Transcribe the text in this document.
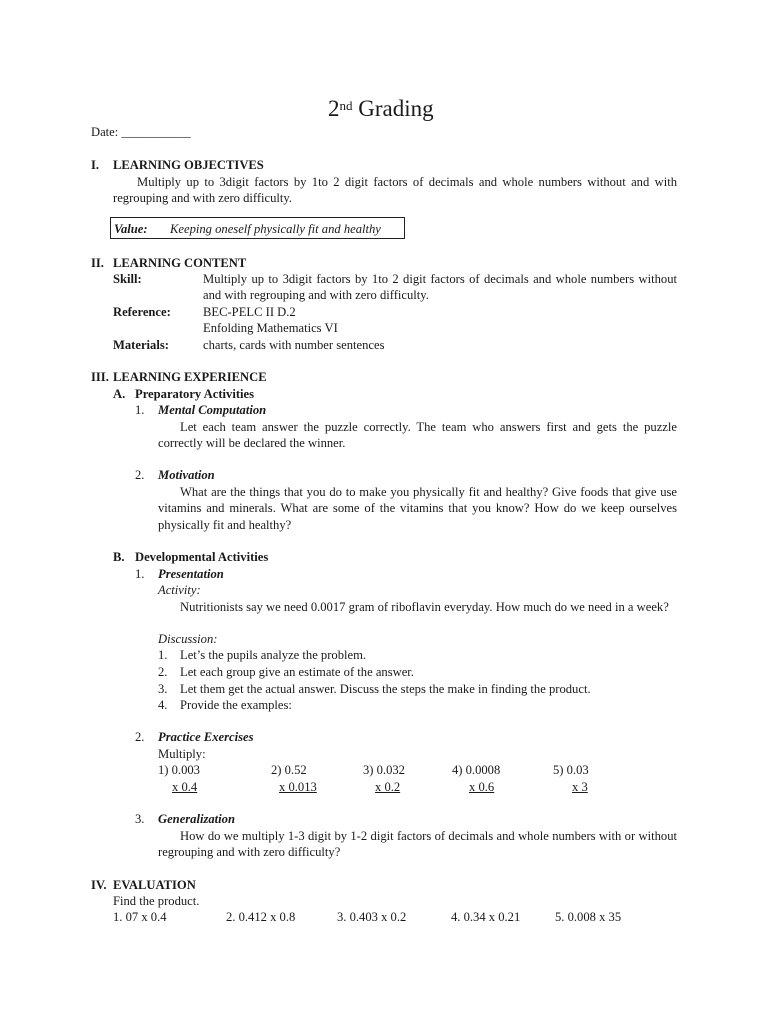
2nd Grading
Date: ___________
I. LEARNING OBJECTIVES
Multiply up to 3digit factors by 1to 2 digit factors of decimals and whole numbers without and with regrouping and with zero difficulty.
Value: Keeping oneself physically fit and healthy
II. LEARNING CONTENT
Skill:	Multiply up to 3digit factors by 1to 2 digit factors of decimals and whole numbers without and with regrouping and with zero difficulty.
Reference:	BEC-PELC II D.2
Enfolding Mathematics VI
Materials:	charts, cards with number sentences
III. LEARNING EXPERIENCE
A. Preparatory Activities
1. Mental Computation
Let each team answer the puzzle correctly. The team who answers first and gets the puzzle correctly will be declared the winner.
2. Motivation
What are the things that you do to make you physically fit and healthy? Give foods that give use vitamins and minerals. What are some of the vitamins that you know? How do we keep ourselves physically fit and healthy?
B. Developmental Activities
1. Presentation
Activity:
Nutritionists say we need 0.0017 gram of riboflavin everyday. How much do we need in a week?
Discussion:
1. Let’s the pupils analyze the problem.
2. Let each group give an estimate of the answer.
3. Let them get the actual answer. Discuss the steps the make in finding the product.
4. Provide the examples:
2. Practice Exercises
Multiply:
1) 0.003
x 0.4
2) 0.52
x 0.013
3) 0.032
x 0.2
4) 0.0008
x 0.6
5) 0.03
x 3
3. Generalization
How do we multiply 1-3 digit by 1-2 digit factors of decimals and whole numbers with or without regrouping and with zero difficulty?
IV. EVALUATION
Find the product.
1. 07 x 0.4	2. 0.412 x 0.8	3. 0.403 x 0.2	4. 0.34 x 0.21	5. 0.008 x 35
